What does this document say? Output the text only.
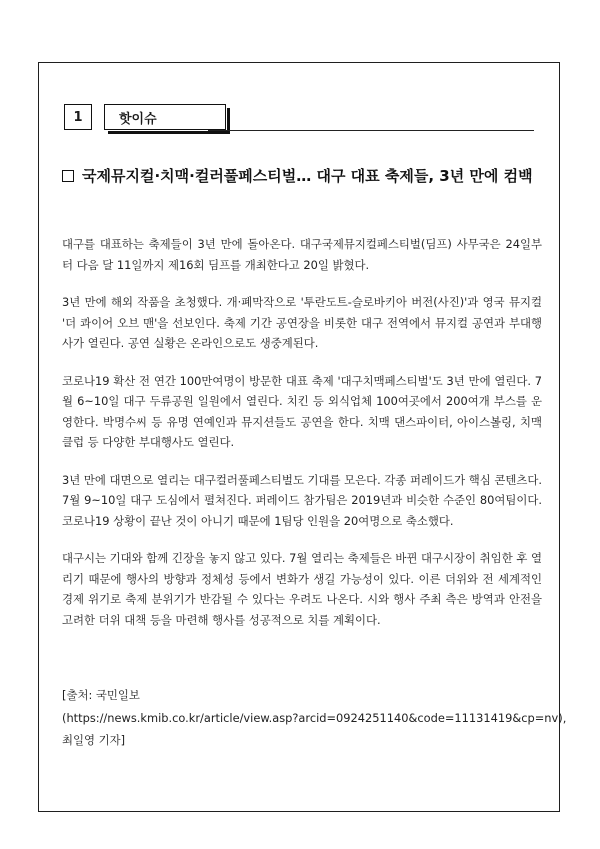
1	핫이슈
국제뮤지컬·치맥·컬러풀페스티벌… 대구 대표 축제들, 3년 만에 컴백

대구를 대표하는 축제들이 3년 만에 돌아온다. 대구국제뮤지컬페스티벌(딤프) 사무국은 24일부터 다음 달 11일까지 제16회 딤프를 개최한다고 20일 밝혔다.

3년 만에 해외 작품을 초청했다. 개·폐막작으로 '투란도트-슬로바키아 버전(사진)'과 영국 뮤지컬 '더 콰이어 오브 맨'을 선보인다. 축제 기간 공연장을 비롯한 대구 전역에서 뮤지컬 공연과 부대행사가 열린다. 공연 실황은 온라인으로도 생중계된다.

코로나19 확산 전 연간 100만여명이 방문한 대표 축제 '대구치맥페스티벌'도 3년 만에 열린다. 7월 6~10일 대구 두류공원 일원에서 열린다. 치킨 등 외식업체 100여곳에서 200여개 부스를 운영한다. 박명수씨 등 유명 연예인과 뮤지션들도 공연을 한다. 치맥 댄스파이터, 아이스볼링, 치맥클럽 등 다양한 부대행사도 열린다.

3년 만에 대면으로 열리는 대구컬러풀페스티벌도 기대를 모은다. 각종 퍼레이드가 핵심 콘텐츠다. 7월 9~10일 대구 도심에서 펼쳐진다. 퍼레이드 참가팀은 2019년과 비슷한 수준인 80여팀이다. 코로나19 상황이 끝난 것이 아니기 때문에 1팀당 인원을 20여명으로 축소했다.

대구시는 기대와 함께 긴장을 놓지 않고 있다. 7월 열리는 축제들은 바뀐 대구시장이 취임한 후 열리기 때문에 행사의 방향과 정체성 등에서 변화가 생길 가능성이 있다. 이른 더위와 전 세계적인 경제 위기로 축제 분위기가 반감될 수 있다는 우려도 나온다. 시와 행사 주최 측은 방역과 안전을 고려한 더위 대책 등을 마련해 행사를 성공적으로 치를 계획이다.

[출처: 국민일보
(https://news.kmib.co.kr/article/view.asp?arcid=0924251140&code=11131419&cp=nv),
최일영 기자]
